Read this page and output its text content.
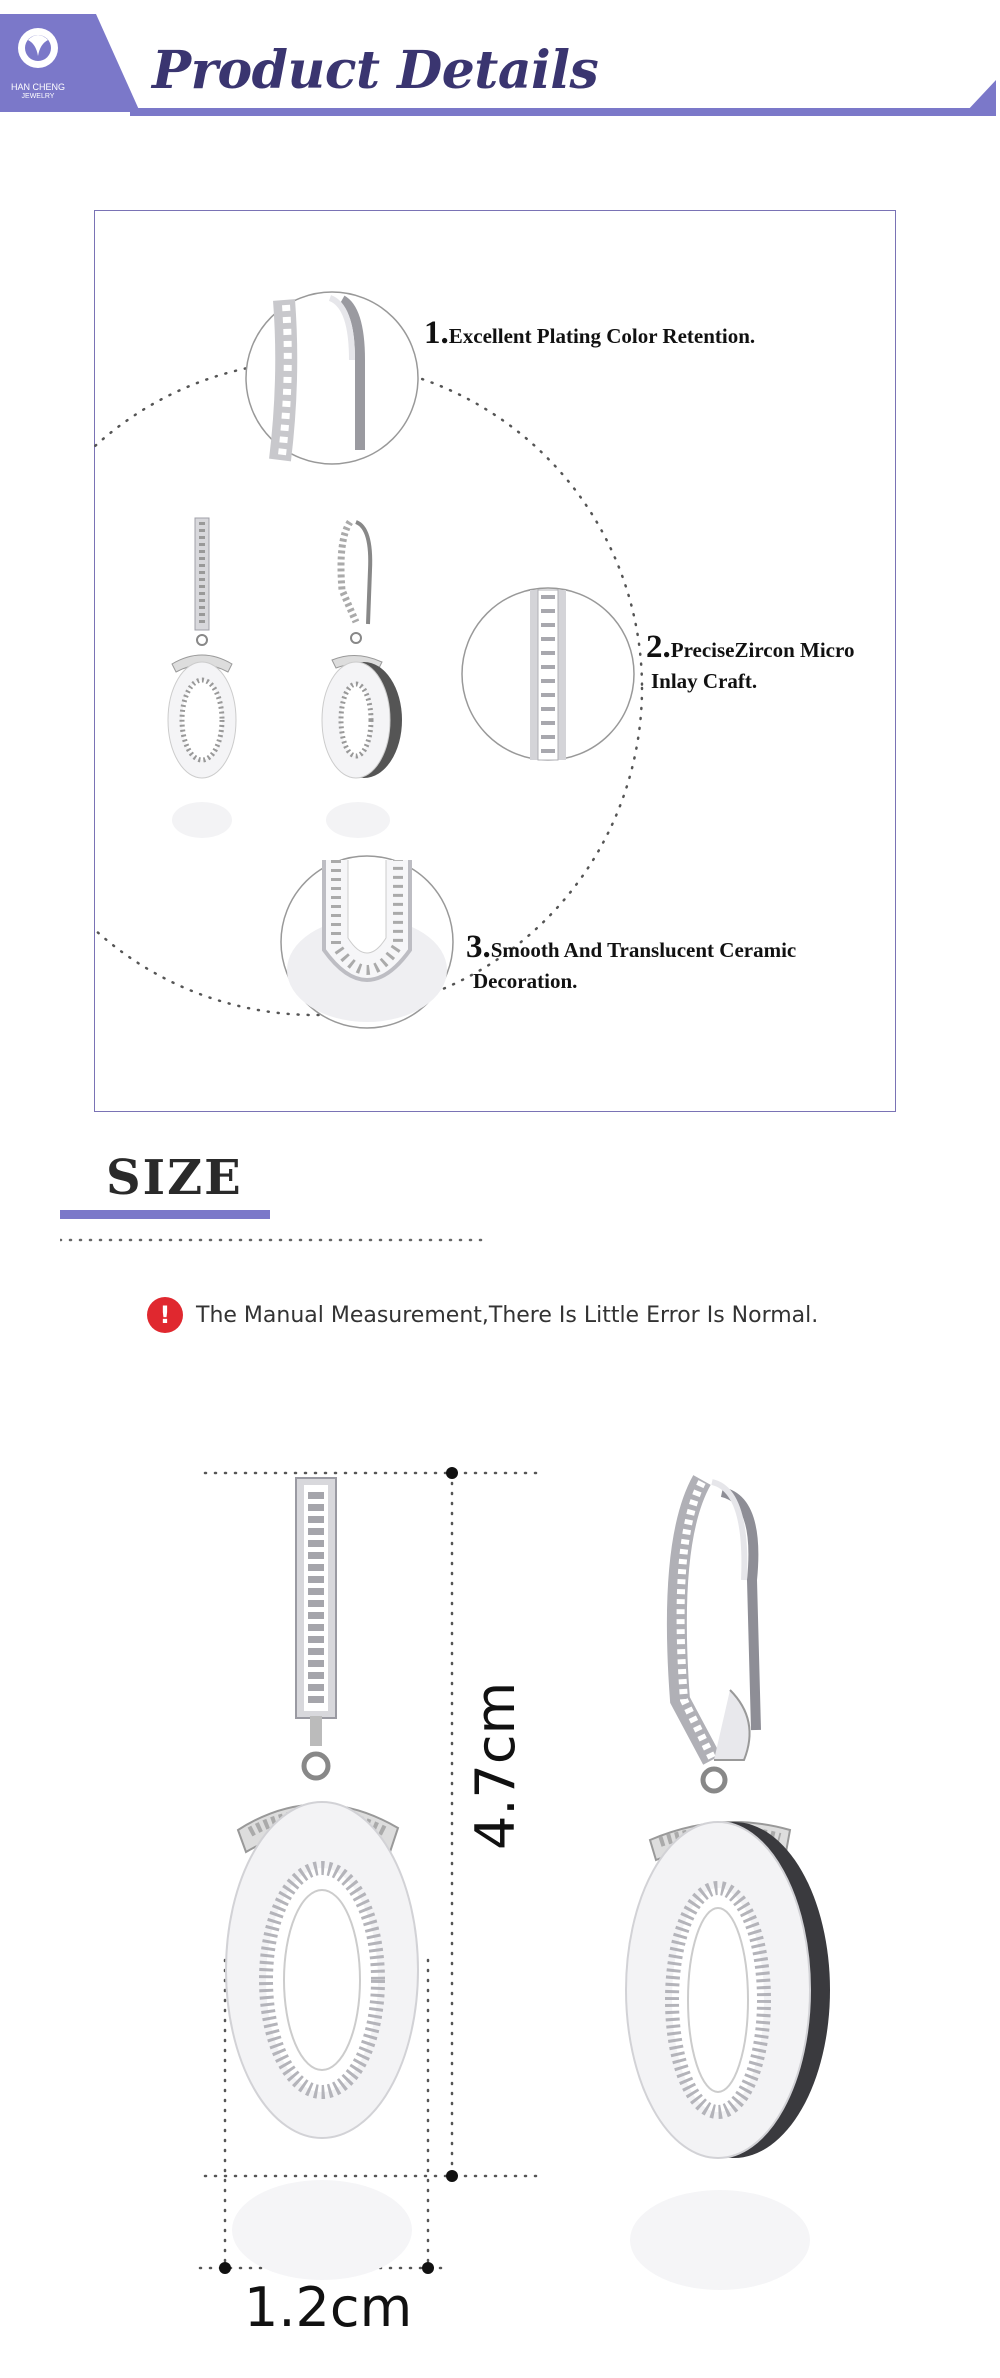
HAN CHENG
JEWELRY Product Details
1.Excellent Plating Color Retention.
2.PreciseZircon Micro
Inlay Craft.
3.Smooth And Translucent Ceramic
Decoration.
SIZE
!	The Manual Measurement,There Is Little Error Is Normal.
4.7cm
1.2cm
